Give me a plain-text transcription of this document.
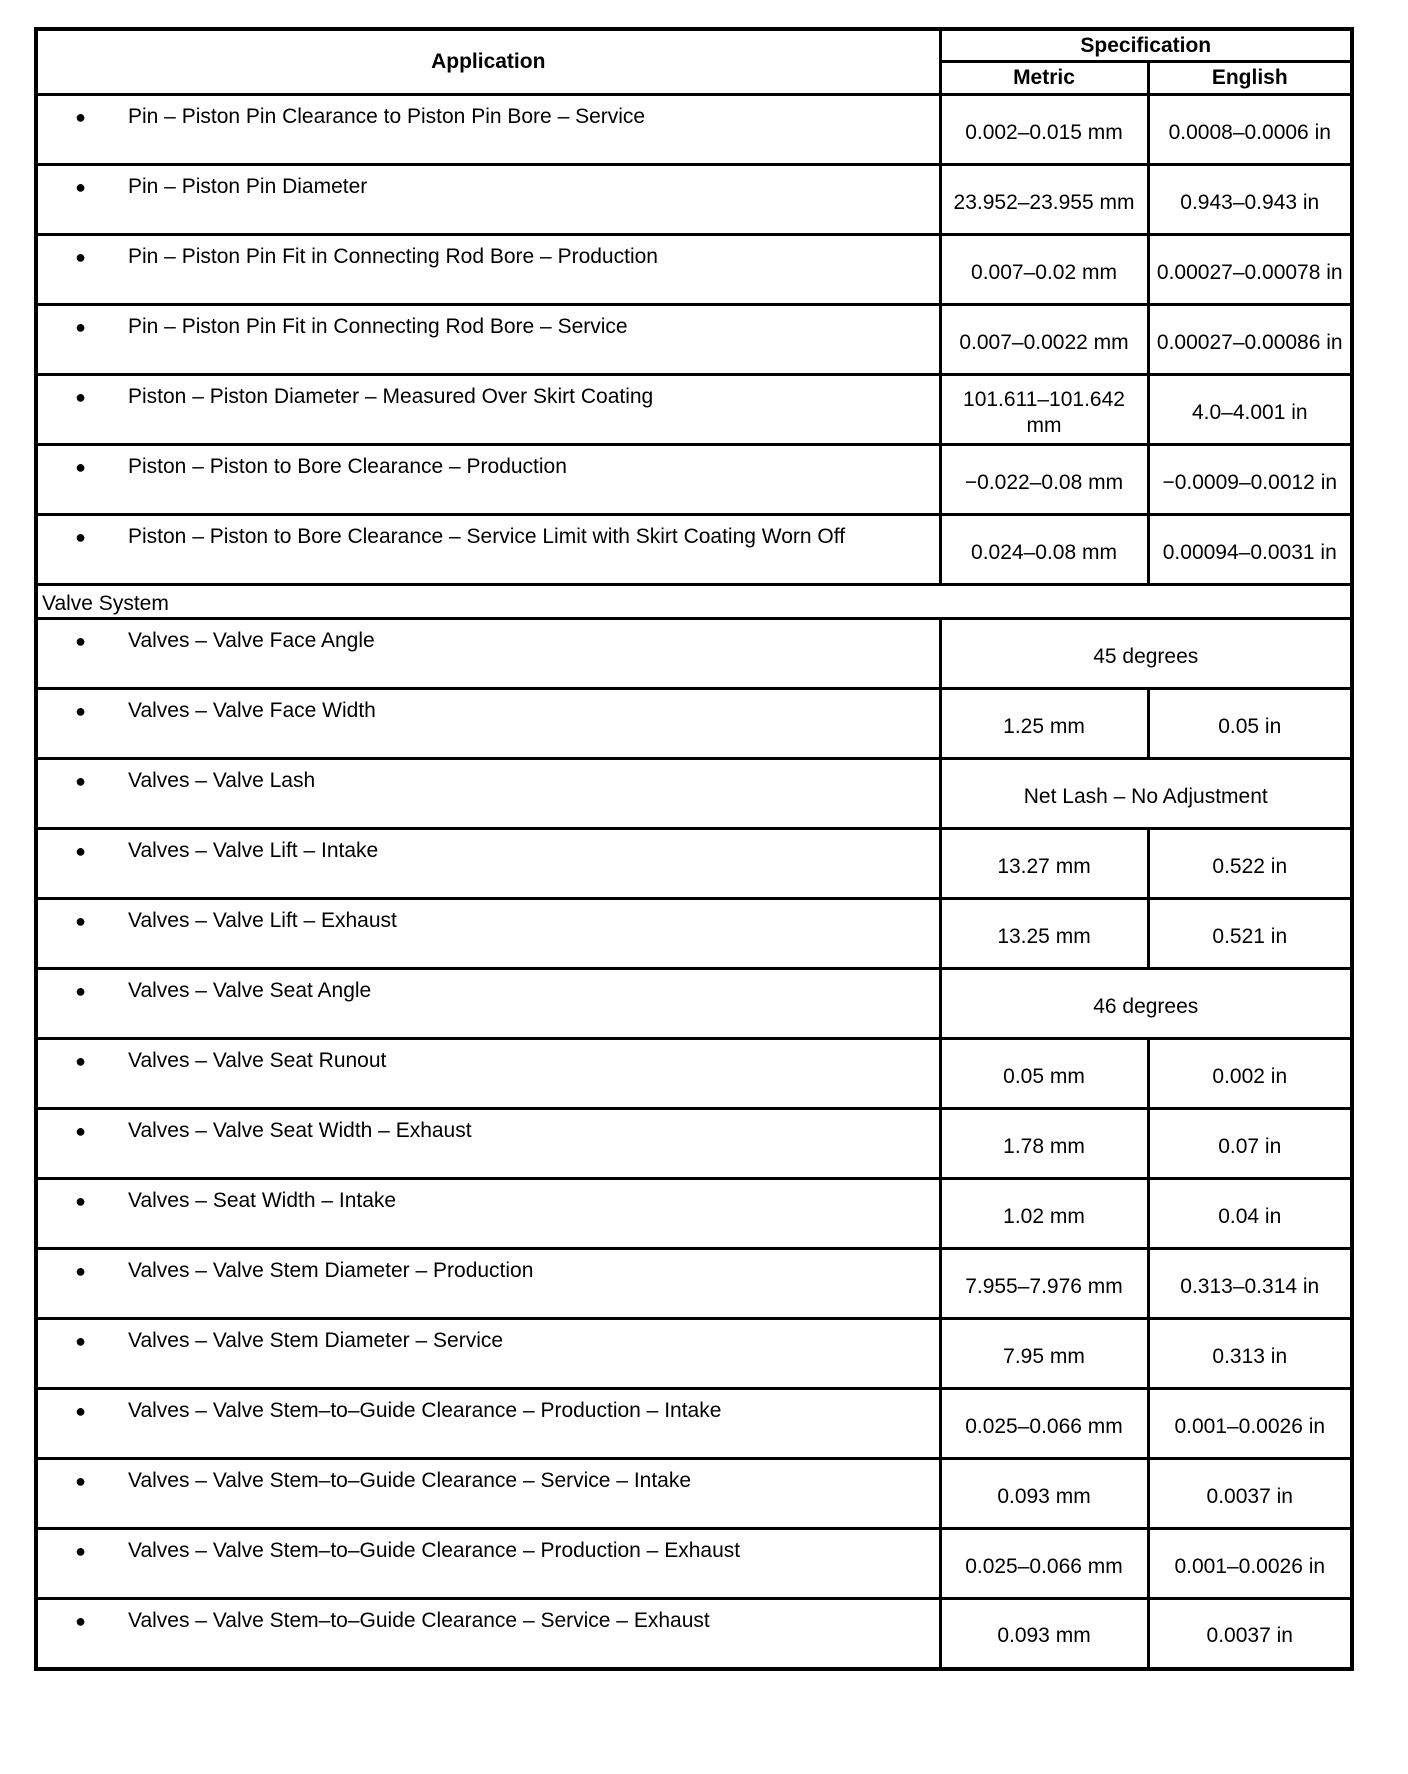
Application	Specification	
	Metric	English

● Pin – Piston Pin Clearance to Piston Pin Bore – Service	0.002–0.015 mm	0.0008–0.0006 in

● Pin – Piston Pin Diameter	23.952–23.955 mm	0.943–0.943 in

● Pin – Piston Pin Fit in Connecting Rod Bore – Production	0.007–0.02 mm	0.00027–0.00078 in

● Pin – Piston Pin Fit in Connecting Rod Bore – Service	0.007–0.0022 mm	0.00027–0.00086 in

● Piston – Piston Diameter – Measured Over Skirt Coating	101.611–101.642 mm	4.0–4.001 in

● Piston – Piston to Bore Clearance – Production	−0.022–0.08 mm	−0.0009–0.0012 in

● Piston – Piston to Bore Clearance – Service Limit with Skirt Coating Worn Off	0.024–0.08 mm	0.00094–0.0031 in
Valve System		

● Valves – Valve Face Angle	45 degrees	

● Valves – Valve Face Width	1.25 mm	0.05 in

● Valves – Valve Lash	Net Lash – No Adjustment	

● Valves – Valve Lift – Intake	13.27 mm	0.522 in

● Valves – Valve Lift – Exhaust	13.25 mm	0.521 in

● Valves – Valve Seat Angle	46 degrees	

● Valves – Valve Seat Runout	0.05 mm	0.002 in

● Valves – Valve Seat Width – Exhaust	1.78 mm	0.07 in

● Valves – Seat Width – Intake	1.02 mm	0.04 in

● Valves – Valve Stem Diameter – Production	7.955–7.976 mm	0.313–0.314 in

● Valves – Valve Stem Diameter – Service	7.95 mm	0.313 in

● Valves – Valve Stem–to–Guide Clearance – Production – Intake	0.025–0.066 mm	0.001–0.0026 in

● Valves – Valve Stem–to–Guide Clearance – Service – Intake	0.093 mm	0.0037 in

● Valves – Valve Stem–to–Guide Clearance – Production – Exhaust	0.025–0.066 mm	0.001–0.0026 in

● Valves – Valve Stem–to–Guide Clearance – Service – Exhaust	0.093 mm	0.0037 in
